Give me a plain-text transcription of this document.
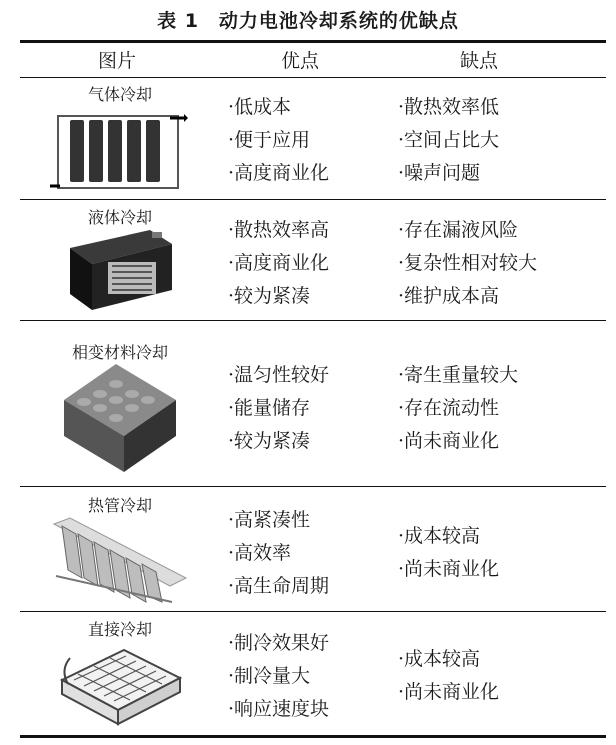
表 1　动力电池冷却系统的优缺点
图片	优点	缺点
气体冷却
·低成本
·便于应用
·高度商业化
·散热效率低
·空间占比大
·噪声问题
液体冷却
·散热效率高
·高度商业化
·较为紧凑
·存在漏液风险
·复杂性相对较大
·维护成本高
相变材料冷却
·温匀性较好
·能量储存
·较为紧凑
·寄生重量较大
·存在流动性
·尚未商业化
热管冷却
·高紧凑性
·高效率
·高生命周期
·成本较高
·尚未商业化
直接冷却
·制冷效果好
·制冷量大
·响应速度块
·成本较高
·尚未商业化
